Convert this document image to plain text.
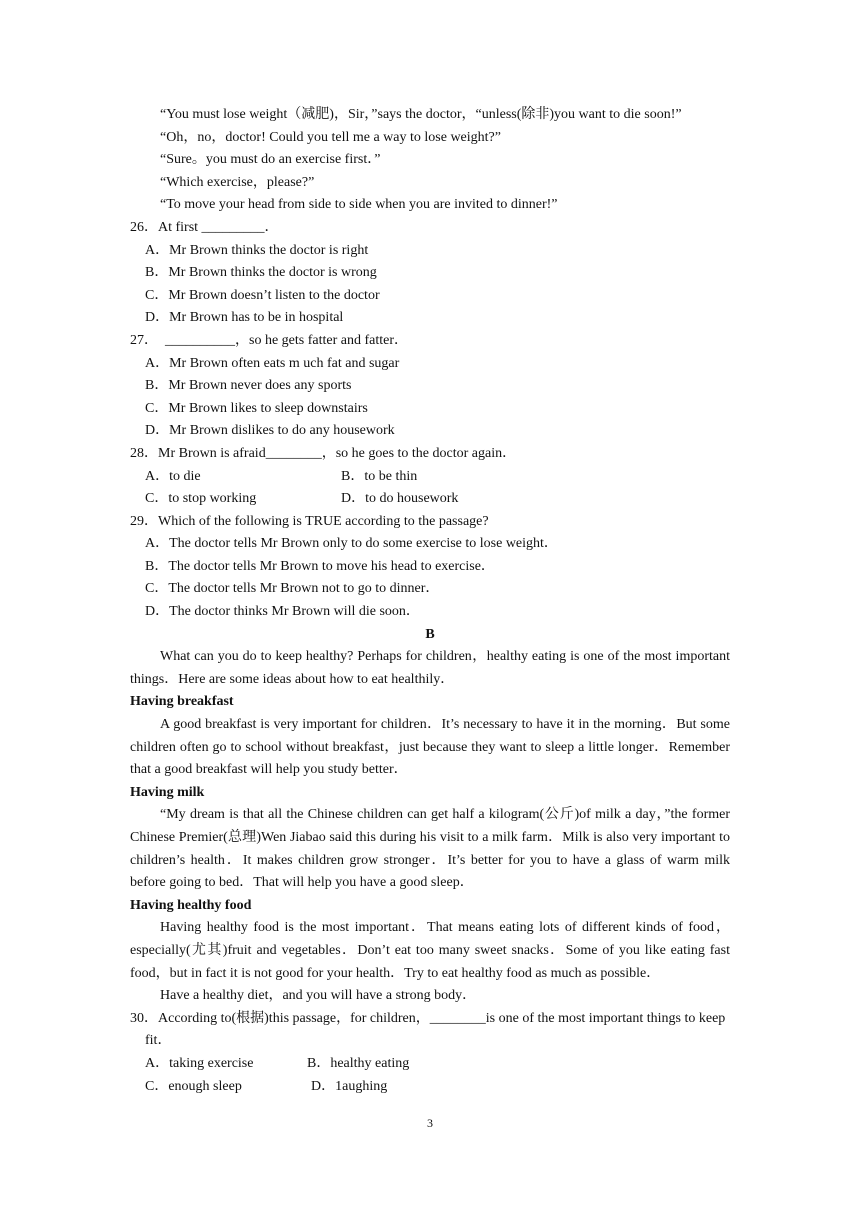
“You must lose weight（减肥)，Sir，”says the doctor，“unless(除非)you want to die soon!”
“Oh，no，doctor! Could you tell me a way to lose weight?”
“Sure。you must do an exercise first．”
“Which exercise，please?”
“To move your head from side to side when you are invited to dinner!”
26．At first _________．
A．Mr Brown thinks the doctor is right
B．Mr Brown thinks the doctor is wrong
C．Mr Brown doesn’t listen to the doctor
D．Mr Brown has to be in hospital
27．  __________，so he gets fatter and fatter．
A．Mr Brown often eats m uch fat and sugar
B．Mr Brown never does any sports
C．Mr Brown likes to sleep downstairs
D．Mr Brown dislikes to do any housework
28．Mr Brown is afraid________，so he goes to the doctor again．
A．to die	B．to be thin
C．to stop working	D．to do housework
29．Which of the following is TRUE according to the passage?
A．The doctor tells Mr Brown only to do some exercise to lose weight．
B．The doctor tells Mr Brown to move his head to exercise．
C．The doctor tells Mr Brown not to go to dinner．
D．The doctor thinks Mr Brown will die soon．
B
What can you do to keep healthy? Perhaps for children，healthy eating is one of the most important things．Here are some ideas about how to eat healthily．
Having breakfast
A good breakfast is very important for children．It’s necessary to have it in the morning．But some children often go to school without breakfast，just because they want to sleep a little longer．Remember that a good breakfast will help you study better．
Having milk
“My dream is that all the Chinese children can get half a kilogram(公斤)of milk a day，”the former Chinese Premier(总理)Wen Jiabao said this during his visit to a milk farm．Milk is also very important to children’s health．It makes children grow stronger．It’s better for you to have a glass of warm milk before going to bed．That will help you have a good sleep．
Having healthy food
Having healthy food is the most important．That means eating lots of different kinds of food，especially(尤其)fruit and vegetables．Don’t eat too many sweet snacks．Some of you like eating fast food，but in fact it is not good for your health．Try to eat healthy food as much as possible．
Have a healthy diet，and you will have a strong body．
30．According to(根据)this passage，for children，________is one of the most important things to keep fit．
A．taking exercise	B．healthy eating
C．enough sleep	D．1aughing
3
